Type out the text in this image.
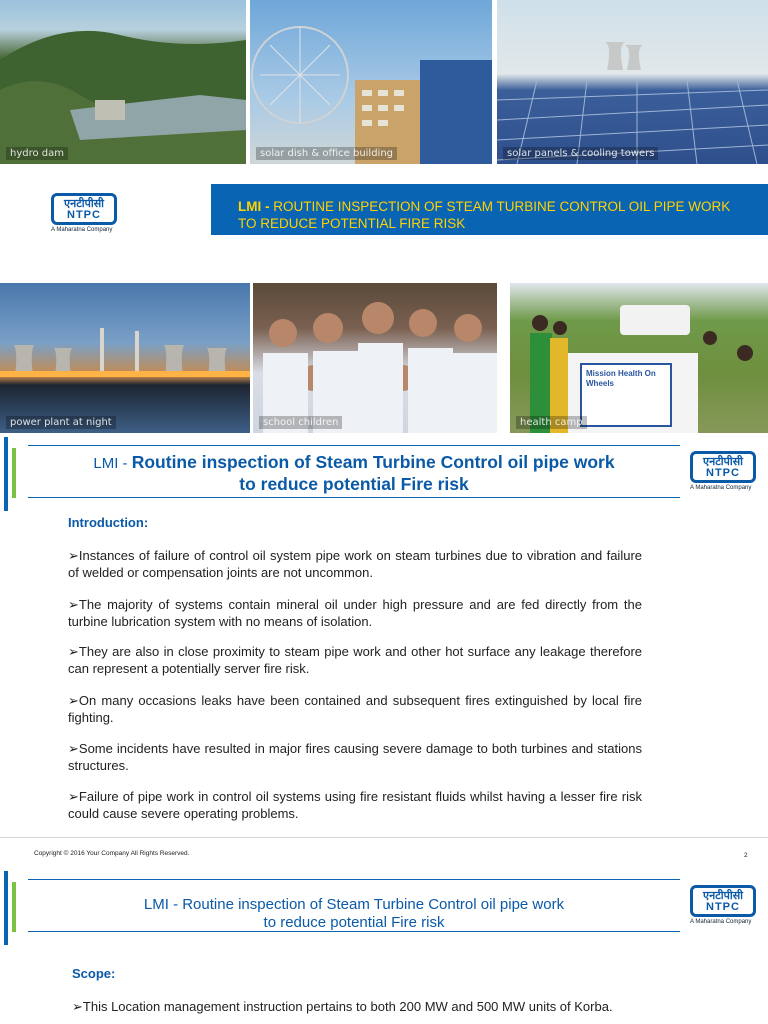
hydro dam	solar dish & office building	solar panels & cooling towers
एनटीपीसी
NTPC
A Maharatna Company
LMI - ROUTINE INSPECTION OF STEAM TURBINE CONTROL OIL PIPE WORK
TO REDUCE POTENTIAL FIRE RISK
power plant at night	school children
Mission Health On Wheels
health camp
LMI - Routine inspection of Steam Turbine Control oil pipe work
to reduce potential Fire risk
एनटीपीसी
NTPC
A Maharatna Company
Introduction:
➢Instances of failure of control oil system pipe work on steam turbines due to vibration and failure of welded or compensation joints are not uncommon.
➢The majority of systems contain mineral oil under high pressure and are fed directly from the turbine lubrication system with no means of isolation.
➢They are also in close proximity to steam pipe work and other hot surface any leakage therefore can represent a potentially server fire risk.
➢On many occasions leaks have been contained and subsequent fires extinguished by local fire fighting.
➢Some incidents have resulted in major fires causing severe damage to both turbines and stations structures.
➢Failure of pipe work in control oil systems using fire resistant fluids whilst having a lesser fire risk could cause severe operating problems.
Copyright © 2016 Your Company All Rights Reserved.	2
LMI - Routine inspection of Steam Turbine Control oil pipe work
to reduce potential Fire risk
एनटीपीसी
NTPC
A Maharatna Company
Scope:
➢This Location management instruction pertains to both 200 MW and 500 MW units of Korba.
